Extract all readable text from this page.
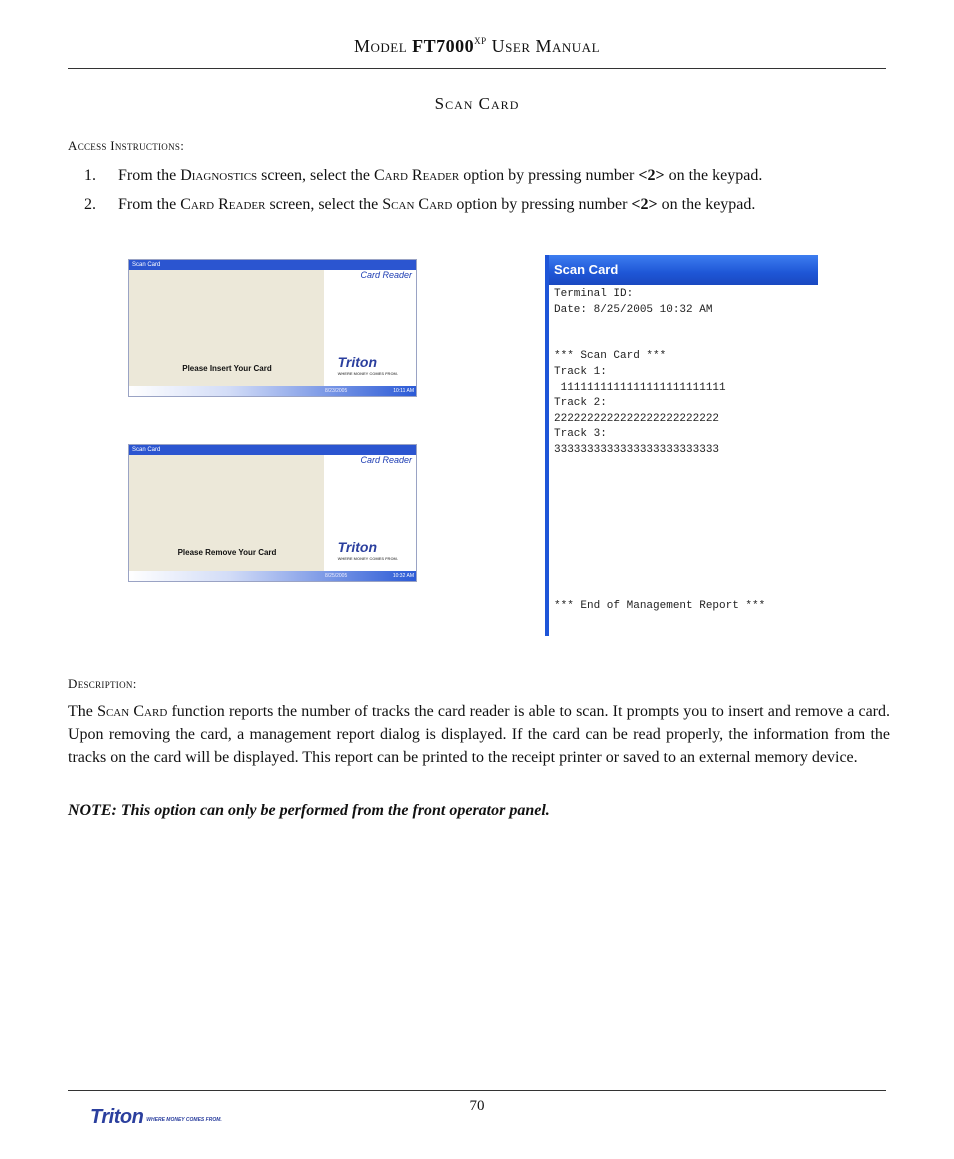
Model $FT7000^{XP}$ User Manual
Scan Card
Access Instructions:
1. From the Diagnostics screen, select the Card Reader option by pressing number <2> on the keypad.
2. From the Card Reader screen, select the Scan Card option by pressing number <2> on the keypad.
Scan Card
Card Reader
Please Insert Your Card	Triton
WHERE MONEY COMES FROM.
8/23/2005	10:11 AM
Scan Card
Card Reader
Please Remove Your Card	Triton
WHERE MONEY COMES FROM.
8/25/2005	10:32 AM
Scan Card
Terminal ID:
Date: 8/25/2005 10:32 AM

*** Scan Card ***
Track 1:
1111111111111111111111111
Track 2:
2222222222222222222222222
Track 3:
3333333333333333333333333
*** End of Management Report ***
Description:
The Scan Card function reports the number of tracks the card reader is able to scan. It prompts you to insert and remove a card. Upon removing the card, a management report dialog is displayed. If the card can be read properly, the information from the tracks on the card will be displayed. This report can be printed to the receipt printer or saved to an external memory device.
NOTE: This option can only be performed from the front operator panel.
70
Triton WHERE MONEY COMES FROM.
